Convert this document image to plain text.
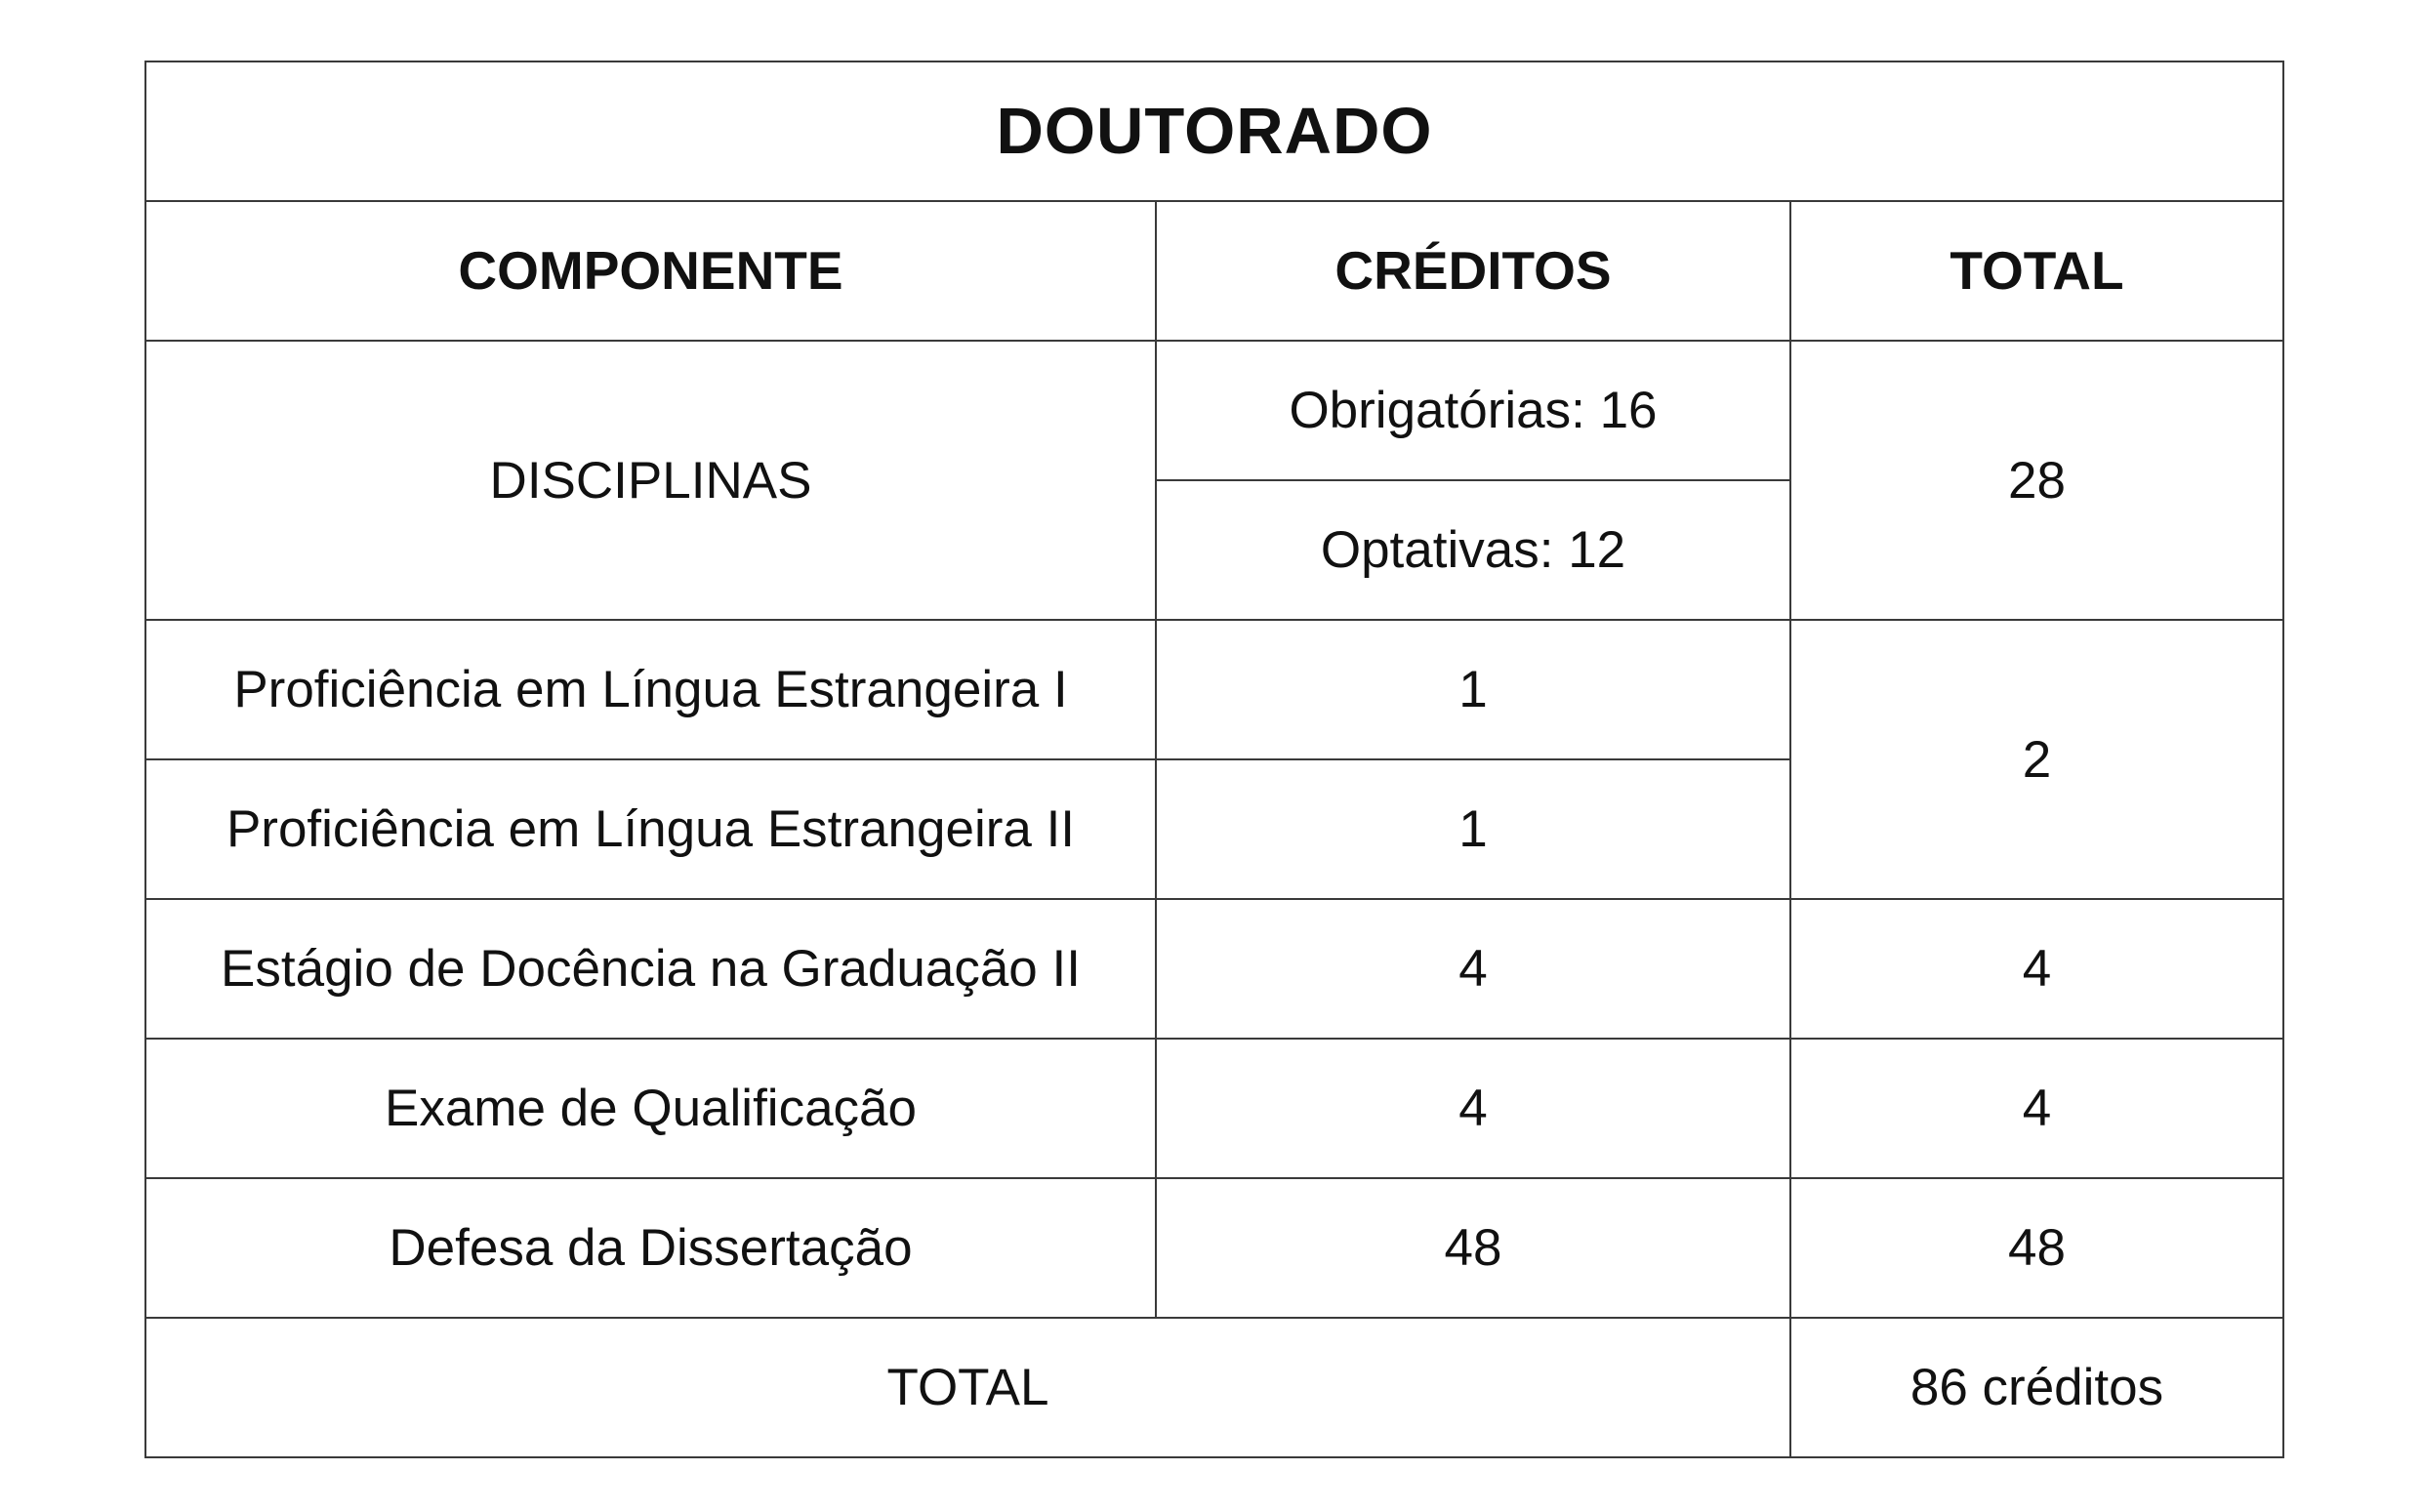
DOUTORADO		
COMPONENTE	CRÉDITOS	TOTAL
DISCIPLINAS	Obrigatórias: 16	28
	Optativas: 12	
Proficiência em Língua Estrangeira I	1	2
Proficiência em Língua Estrangeira II	1	
Estágio de Docência na Graduação II	4	4
Exame de Qualificação	4	4
Defesa da Dissertação	48	48
TOTAL		86 créditos
